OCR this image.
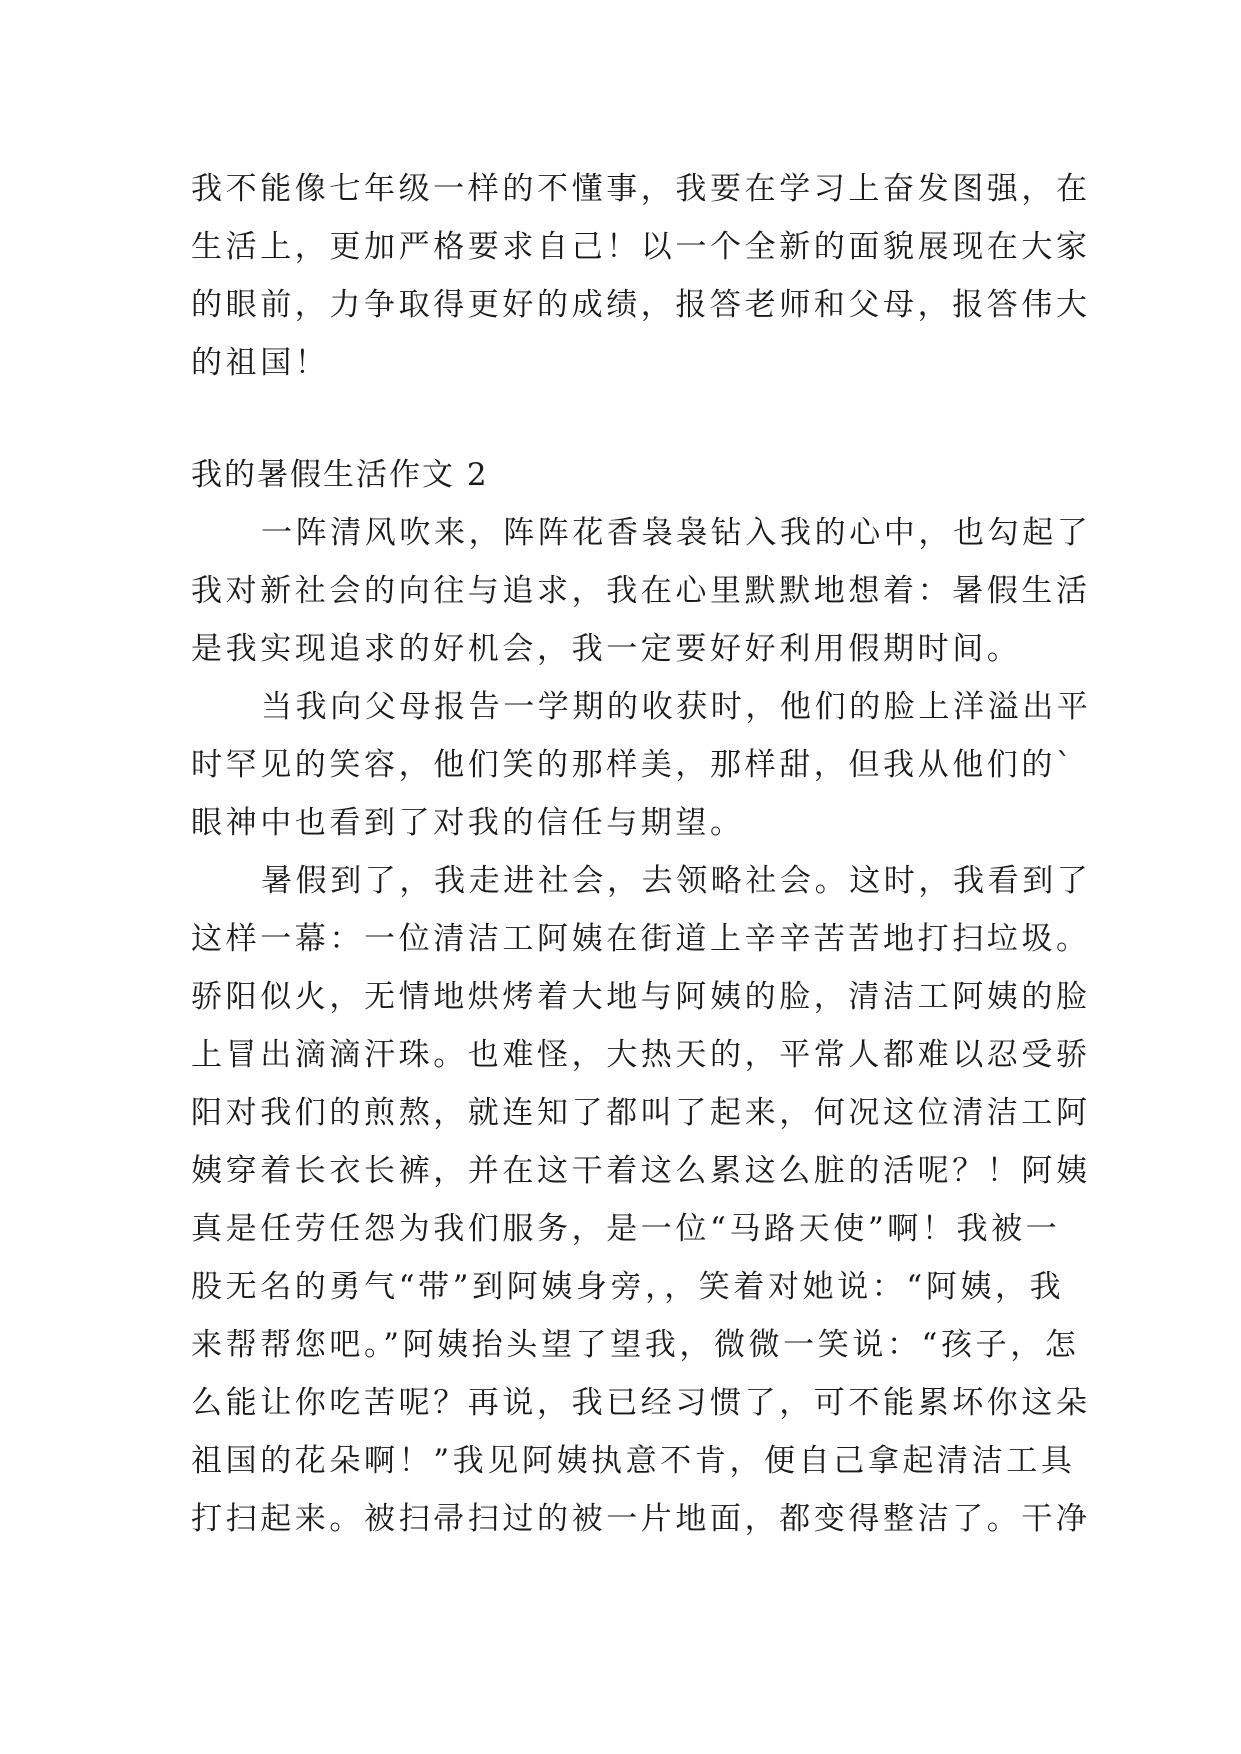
我不能像七年级一样的不懂事，我要在学习上奋发图强，在
生活上，更加严格要求自己！以一个全新的面貌展现在大家
的眼前，力争取得更好的成绩，报答老师和父母，报答伟大
的祖国！
我的暑假生活作文 2
一阵清风吹来，阵阵花香袅袅钻入我的心中，也勾起了
我对新社会的向往与追求，我在心里默默地想着：暑假生活
是我实现追求的好机会，我一定要好好利用假期时间。
当我向父母报告一学期的收获时，他们的脸上洋溢出平
时罕见的笑容，他们笑的那样美，那样甜，但我从他们的`
眼神中也看到了对我的信任与期望。
暑假到了，我走进社会，去领略社会。这时，我看到了
这样一幕：一位清洁工阿姨在街道上辛辛苦苦地打扫垃圾。
骄阳似火，无情地烘烤着大地与阿姨的脸，清洁工阿姨的脸
上冒出滴滴汗珠。也难怪，大热天的，平常人都难以忍受骄
阳对我们的煎熬，就连知了都叫了起来，何况这位清洁工阿
姨穿着长衣长裤，并在这干着这么累这么脏的活呢？！阿姨
真是任劳任怨为我们服务，是一位“马路天使”啊！我被一
股无名的勇气“带”到阿姨身旁，，笑着对她说：“阿姨，我
来帮帮您吧。”阿姨抬头望了望我，微微一笑说：“孩子，怎
么能让你吃苦呢？再说，我已经习惯了，可不能累坏你这朵
祖国的花朵啊！”我见阿姨执意不肯，便自己拿起清洁工具
打扫起来。被扫帚扫过的被一片地面，都变得整洁了。干净
